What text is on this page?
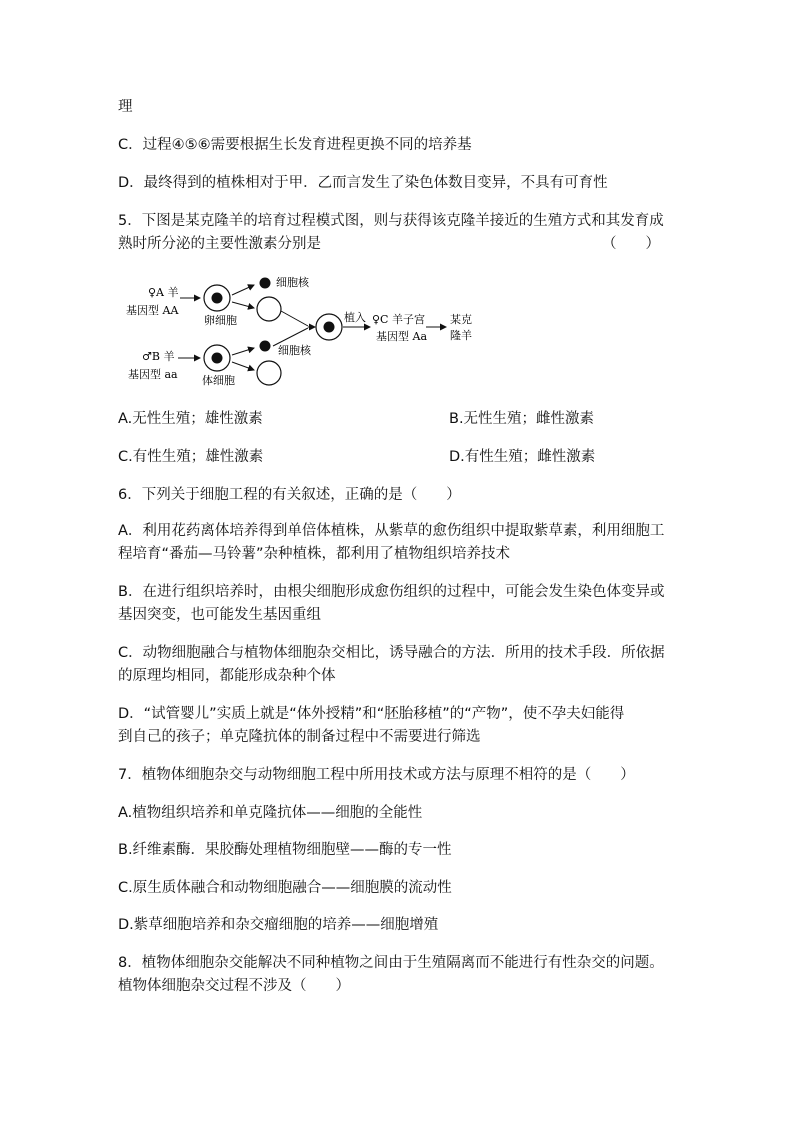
理
C．过程④⑤⑥需要根据生长发育进程更换不同的培养基
D．最终得到的植株相对于甲．乙而言发生了染色体数目变异，不具有可育性
5．下图是某克隆羊的培育过程模式图，则与获得该克隆羊接近的生殖方式和其发育成
熟时所分泌的主要性激素分别是	（　　）
♀A 羊
基因型 AA
卵细胞
细胞核
♂B 羊
基因型 aa 体细胞
细胞核
植入 ♀C 羊子宫
基因型 Aa
某克
隆羊
A.无性生殖；雄性激素	B.无性生殖；雌性激素
C.有性生殖；雄性激素	D.有性生殖；雌性激素
6．下列关于细胞工程的有关叙述，正确的是（　　）
A．利用花药离体培养得到单倍体植株，从紫草的愈伤组织中提取紫草素，利用细胞工
程培育“番茄—马铃薯”杂种植株，都利用了植物组织培养技术
B．在进行组织培养时，由根尖细胞形成愈伤组织的过程中，可能会发生染色体变异或
基因突变，也可能发生基因重组
C．动物细胞融合与植物体细胞杂交相比，诱导融合的方法．所用的技术手段．所依据
的原理均相同，都能形成杂种个体
D．“试管婴儿”实质上就是“体外授精”和“胚胎移植”的“产物”，使不孕夫妇能得
到自己的孩子；单克隆抗体的制备过程中不需要进行筛选
7．植物体细胞杂交与动物细胞工程中所用技术或方法与原理不相符的是（　　）
A.植物组织培养和单克隆抗体——细胞的全能性
B.纤维素酶．果胶酶处理植物细胞壁——酶的专一性
C.原生质体融合和动物细胞融合——细胞膜的流动性
D.紫草细胞培养和杂交瘤细胞的培养——细胞增殖
8．植物体细胞杂交能解决不同种植物之间由于生殖隔离而不能进行有性杂交的问题。
植物体细胞杂交过程不涉及（　　）
